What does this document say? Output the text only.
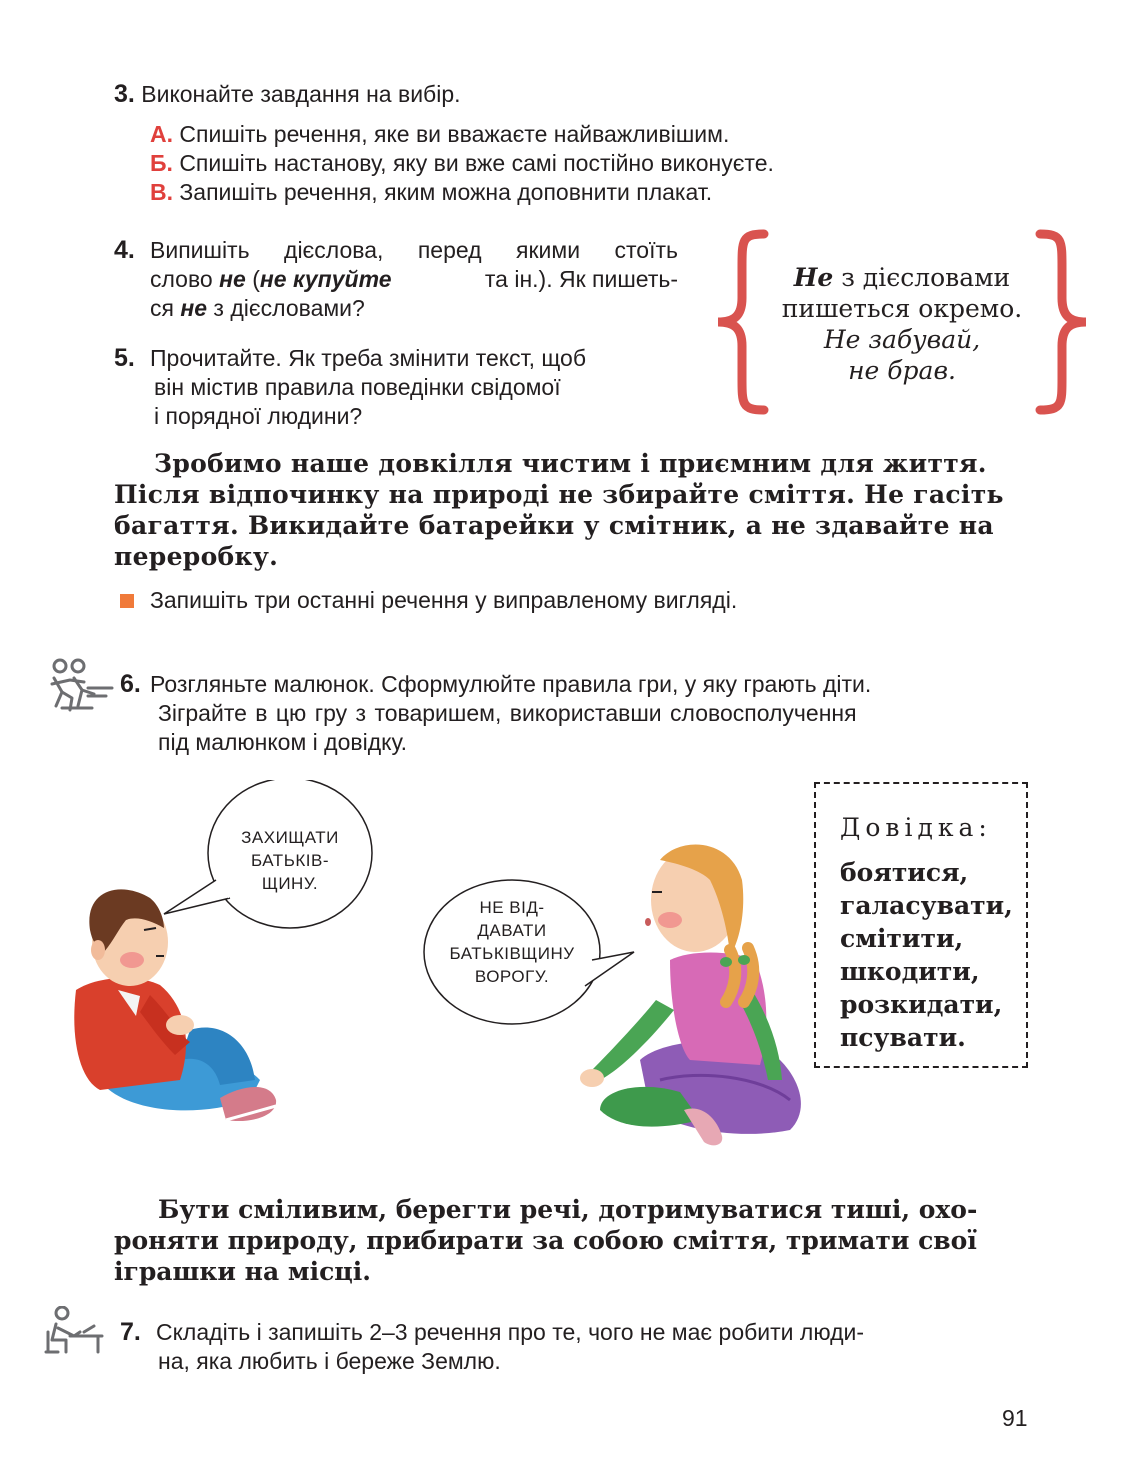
3. Виконайте завдання на вибір.
А. Спишіть речення, яке ви вважаєте найважливішим.
Б. Спишіть настанову, яку ви вже самі постійно виконуєте.
В. Запишіть речення, яким можна доповнити плакат.
4. Випишіть дієслова, перед якими стоїть
слово не (не купуйте	та ін.). Як пишеть-
ся не з дієсловами?
5. Прочитайте. Як треба змінити текст, щоб
він містив правила поведінки свідомої
і порядної людини?
Не з дієсловами
пишеться окремо.
Не забувай,
не брав.
Зробимо наше довкілля чистим і приємним для життя.
Після відпочинку на природі не збирайте сміття. Не гасіть
багаття. Викидайте батарейки у смітник, а не здавайте на
переробку.
Запишіть три останні речення у виправленому вигляді.
6. Розгляньте малюнок. Сформулюйте правила гри, у яку грають діти.
Зіграйте в цю гру з товаришем, використавши словосполучення
під малюнком і довідку.
ЗАХИЩАТИ
БАТЬКІВ-
ЩИНУ.
НЕ ВІД-
ДАВАТИ
БАТЬКІВЩИНУ
ВОРОГУ.
Довідка:
боятися,
галасувати,
смітити,
шкодити,
розкидати,
псувати.
Бути сміливим, берегти речі, дотримуватися тиші, охо-
роняти природу, прибирати за собою сміття, тримати свої
іграшки на місці.
7. Складіть і запишіть 2–3 речення про те, чого не має робити люди-
на, яка любить і береже Землю.
91
